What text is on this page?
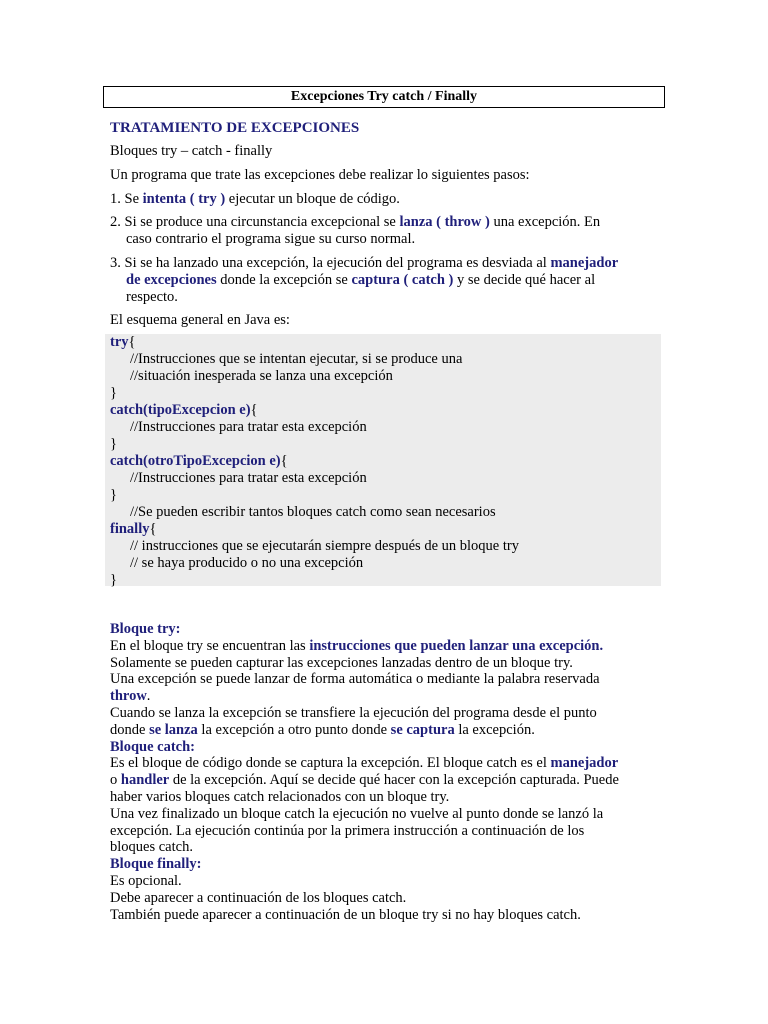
Excepciones Try catch / Finally
TRATAMIENTO DE EXCEPCIONES
Bloques try – catch - finally
Un programa que trate las excepciones debe realizar lo siguientes pasos:
1. Se intenta ( try ) ejecutar un bloque de código.
2. Si se produce una circunstancia excepcional se lanza ( throw ) una excepción. En
caso contrario el programa sigue su curso normal.
3. Si se ha lanzado una excepción, la ejecución del programa es desviada al manejador
de excepciones donde la excepción se captura ( catch ) y se decide qué hacer al
respecto.
El esquema general en Java es:
try{
//Instrucciones que se intentan ejecutar, si se produce una
//situación inesperada se lanza una excepción
}
catch(tipoExcepcion e){
//Instrucciones para tratar esta excepción
}
catch(otroTipoExcepcion e){
//Instrucciones para tratar esta excepción
}
//Se pueden escribir tantos bloques catch como sean necesarios
finally{
// instrucciones que se ejecutarán siempre después de un bloque try
// se haya producido o no una excepción
}
Bloque try:
En el bloque try se encuentran las instrucciones que pueden lanzar una excepción.
Solamente se pueden capturar las excepciones lanzadas dentro de un bloque try.
Una excepción se puede lanzar de forma automática o mediante la palabra reservada
throw.
Cuando se lanza la excepción se transfiere la ejecución del programa desde el punto
donde se lanza la excepción a otro punto donde se captura la excepción.
Bloque catch:
Es el bloque de código donde se captura la excepción. El bloque catch es el manejador
o handler de la excepción. Aquí se decide qué hacer con la excepción capturada. Puede
haber varios bloques catch relacionados con un bloque try.
Una vez finalizado un bloque catch la ejecución no vuelve al punto donde se lanzó la
excepción. La ejecución continúa por la primera instrucción a continuación de los
bloques catch.
Bloque finally:
Es opcional.
Debe aparecer a continuación de los bloques catch.
También puede aparecer a continuación de un bloque try si no hay bloques catch.
